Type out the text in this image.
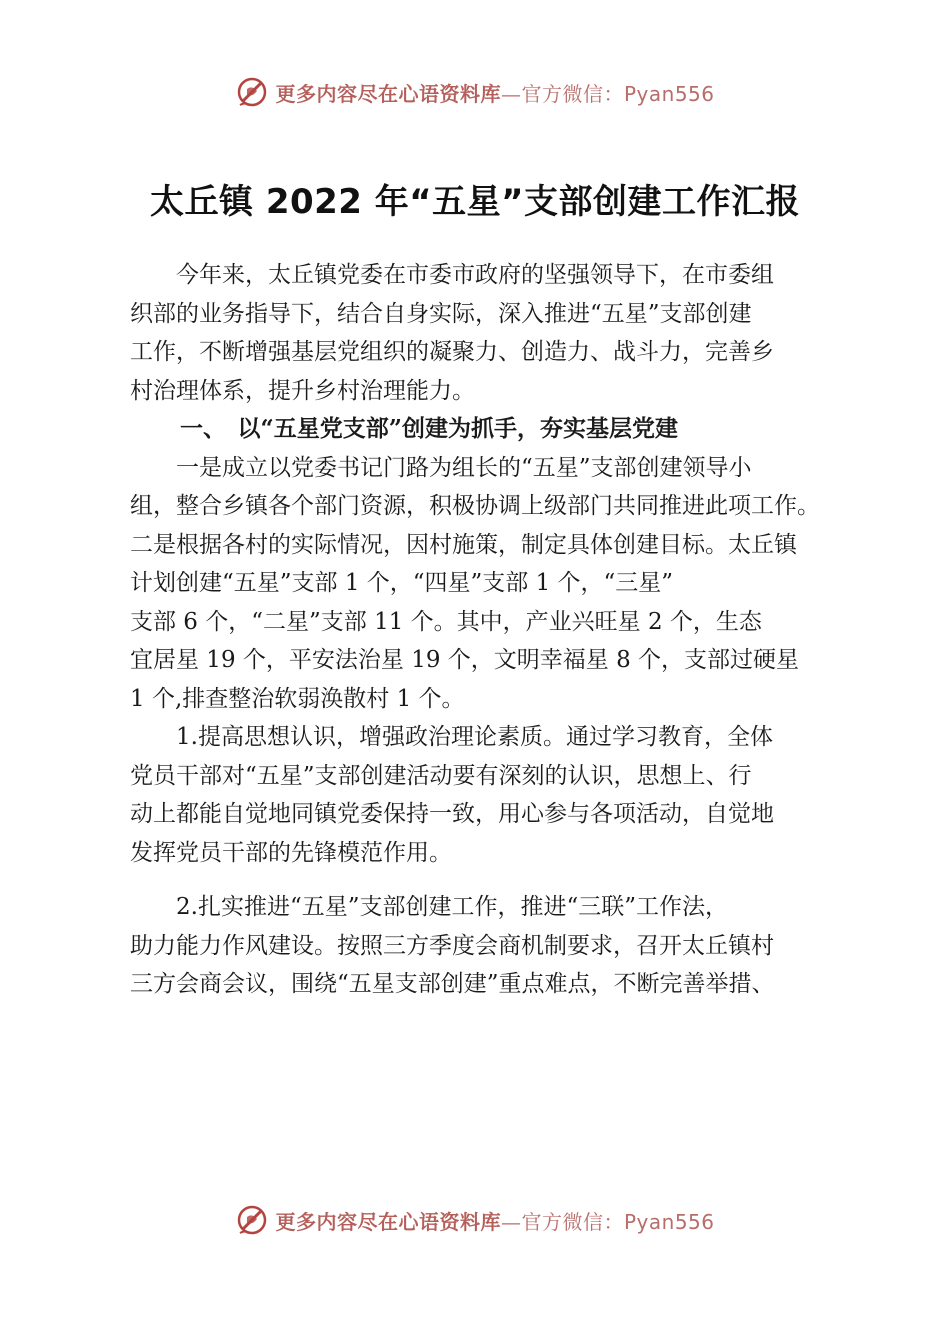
更多内容尽在心语资料库—官方微信：Pyan556
太丘镇 2022 年“五星”支部创建工作汇报

　　今年来，太丘镇党委在市委市政府的坚强领导下，在市委组

织部的业务指导下，结合自身实际，深入推进“五星”支部创建

工作，不断增强基层党组织的凝聚力、创造力、战斗力，完善乡

村治理体系，提升乡村治理能力。

一、　以“五星党支部”创建为抓手，夯实基层党建

　　一是成立以党委书记门路为组长的“五星”支部创建领导小

组，整合乡镇各个部门资源，积极协调上级部门共同推进此项工作。

二是根据各村的实际情况，因村施策，制定具体创建目标。太丘镇

计划创建“五星”支部 1 个，“四星”支部 1 个，“三星”

支部 6 个，“二星”支部 11 个。其中，产业兴旺星 2 个，生态

宜居星 19 个，平安法治星 19 个，文明幸福星 8 个，支部过硬星

1 个,排查整治软弱涣散村 1 个。

　　1.提高思想认识，增强政治理论素质。通过学习教育，全体

党员干部对“五星”支部创建活动要有深刻的认识，思想上、行

动上都能自觉地同镇党委保持一致，用心参与各项活动，自觉地

发挥党员干部的先锋模范作用。

　　2.扎实推进“五星”支部创建工作，推进“三联”工作法，

助力能力作风建设。按照三方季度会商机制要求，召开太丘镇村

三方会商会议，围绕“五星支部创建”重点难点，不断完善举措、

更多内容尽在心语资料库—官方微信：Pyan556
